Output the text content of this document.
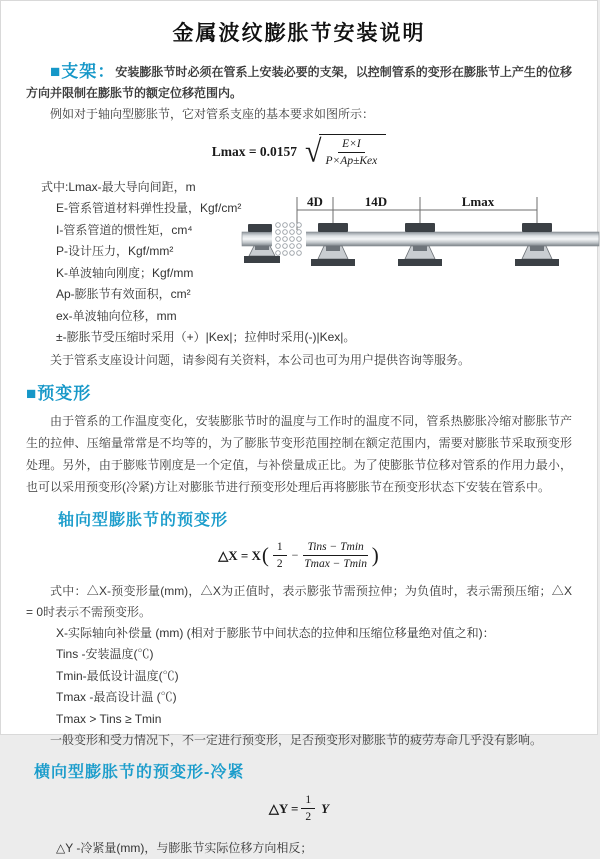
金属波纹膨胀节安装说明

■支架：安装膨胀节时必须在管系上安装必要的支架，以控制管系的变形在膨胀节上产生的位移方向并限制在膨胀节的额定位移范围内。

例如对于轴向型膨胀节，它对管系支座的基本要求如图所示：

Lmax = 0.0157 √ $\frac{E\times I}{\text{P×Ap±Kex}}$
式中:Lmax-最大导向间距，m
E-管系管道材料弹性投量，Kgf/cm²
I-管系管道的惯性矩，cm⁴
P-设计压力，Kgf/mm²
K-单波轴向刚度；Kgf/mm
Ap-膨胀节有效面积，cm²
ex-单波轴向位移，mm
±-膨胀节受压缩时采用（+）|Kex|；拉伸时采用(-)|Kex|。

关于管系支座设计问题，请参阅有关资料，本公司也可为用户提供咨询等服务。

4D	14D	Lmax

■预变形

由于管系的工作温度变化，安装膨胀节时的温度与工作时的温度不同，管系热膨胀冷缩对膨胀节产生的拉伸、压缩量常常是不均等的，为了膨胀节变形范围控制在额定范围内，需要对膨胀节采取预变形处理。另外，由于膨账节刚度是一个定值，与补偿量成正比。为了使膨胀节位移对管系的作用力最小，也可以采用预变形(冷紧)方让对膨胀节进行预变形处理后再将膨胀节在预变形状态下安装在管系中。

轴向型膨胀节的预变形

△X = X ( $\frac{1}{2} - \frac{\text{Tins − Tmin}}{Tmax - Tmin}$ )

式中：△X-预变形量(mm)，△X为正值时，表示膨张节需预拉伸；为负值时，表示需预压缩；△X = 0时表示不需预变形。

X-实际轴向补偿量 (mm) (相对于膨胀节中间状态的拉伸和压缩位移量绝对值之和)：
Tins -安装温度(℃)
Tmin-最低设计温度(℃)
Tmax -最高设计温 (℃)
Tmax > Tins ≥ Tmin

一般变形和受力情况下，不一定进行预变形，足否预变形对膨胀节的疲劳寿命几乎没有影响。

横向型膨胀节的预变形-冷紧

△Y = $\frac{1}{2}$ Y

△Y -冷紧量(mm)，与膨胀节实际位移方向相反；
